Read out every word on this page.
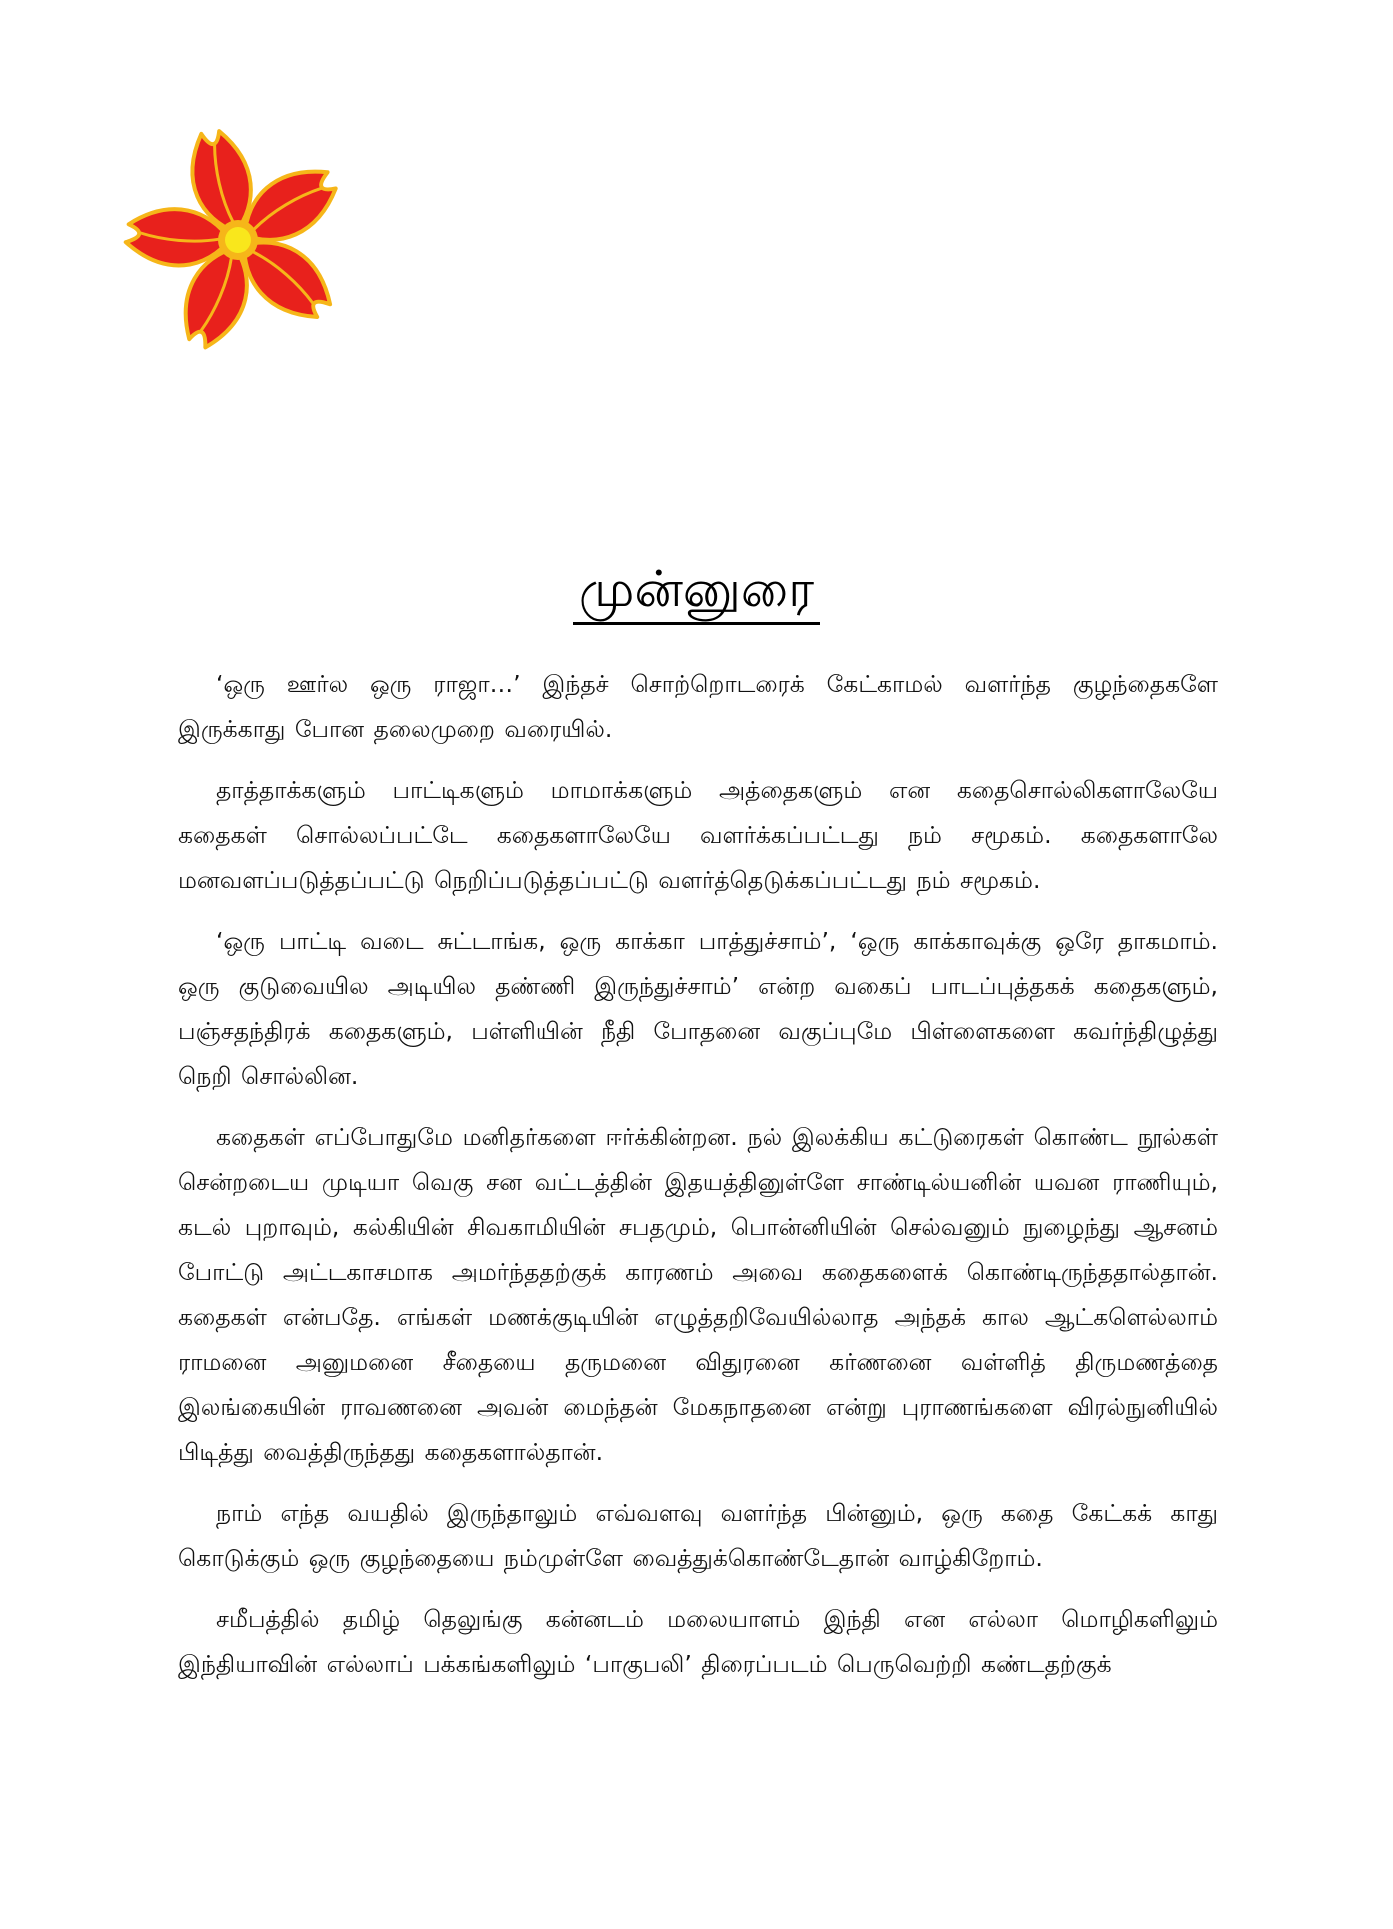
முன்னுரை

‘ஒரு ஊர்ல ஒரு ராஜா…’ இந்தச் சொற்றொடரைக் கேட்காமல் வளர்ந்த குழந்தைகளே இருக்காது போன தலைமுறை வரையில்.

தாத்தாக்களும் பாட்டிகளும் மாமாக்களும் அத்தைகளும் என கதைசொல்லிகளாலேயே கதைகள் சொல்லப்பட்டே கதைகளாலேயே வளர்க்கப்பட்டது நம் சமூகம். கதைகளாலே மனவளப்படுத்தப்பட்டு நெறிப்படுத்தப்பட்டு வளர்த்தெடுக்கப்பட்டது நம் சமூகம்.

‘ஒரு பாட்டி வடை சுட்டாங்க, ஒரு காக்கா பாத்துச்சாம்’, ‘ஒரு காக்காவுக்கு ஒரே தாகமாம். ஒரு குடுவையில அடியில தண்ணி இருந்துச்சாம்’ என்ற வகைப் பாடப்புத்தகக் கதைகளும், பஞ்சதந்திரக் கதைகளும், பள்ளியின் நீதி போதனை வகுப்புமே பிள்ளைகளை கவர்ந்திழுத்து நெறி சொல்லின.

கதைகள் எப்போதுமே மனிதர்களை ஈர்க்கின்றன. நல் இலக்கிய கட்டுரைகள் கொண்ட நூல்கள் சென்றடைய முடியா வெகு சன வட்டத்தின் இதயத்தினுள்ளே சாண்டில்யனின் யவன ராணியும், கடல் புறாவும், கல்கியின் சிவகாமியின் சபதமும், பொன்னியின் செல்வனும் நுழைந்து ஆசனம் போட்டு அட்டகாசமாக அமர்ந்ததற்குக் காரணம் அவை கதைகளைக் கொண்டிருந்ததால்தான். கதைகள் என்பதே. எங்கள் மணக்குடியின் எழுத்தறிவேயில்லாத அந்தக் கால ஆட்களெல்லாம் ராமனை அனுமனை சீதையை தருமனை விதுரனை கர்ணனை வள்ளித் திருமணத்தை இலங்கையின் ராவணனை அவன் மைந்தன் மேகநாதனை என்று புராணங்களை விரல்நுனியில் பிடித்து வைத்திருந்தது கதைகளால்தான்.

நாம் எந்த வயதில் இருந்தாலும் எவ்வளவு வளர்ந்த பின்னும், ஒரு கதை கேட்கக் காது கொடுக்கும் ஒரு குழந்தையை நம்முள்ளே வைத்துக்கொண்டேதான் வாழ்கிறோம்.

சமீபத்தில் தமிழ் தெலுங்கு கன்னடம் மலையாளம் இந்தி என எல்லா மொழிகளிலும் இந்தியாவின் எல்லாப் பக்கங்களிலும் ‘பாகுபலி’ திரைப்படம் பெருவெற்றி கண்டதற்குக்
